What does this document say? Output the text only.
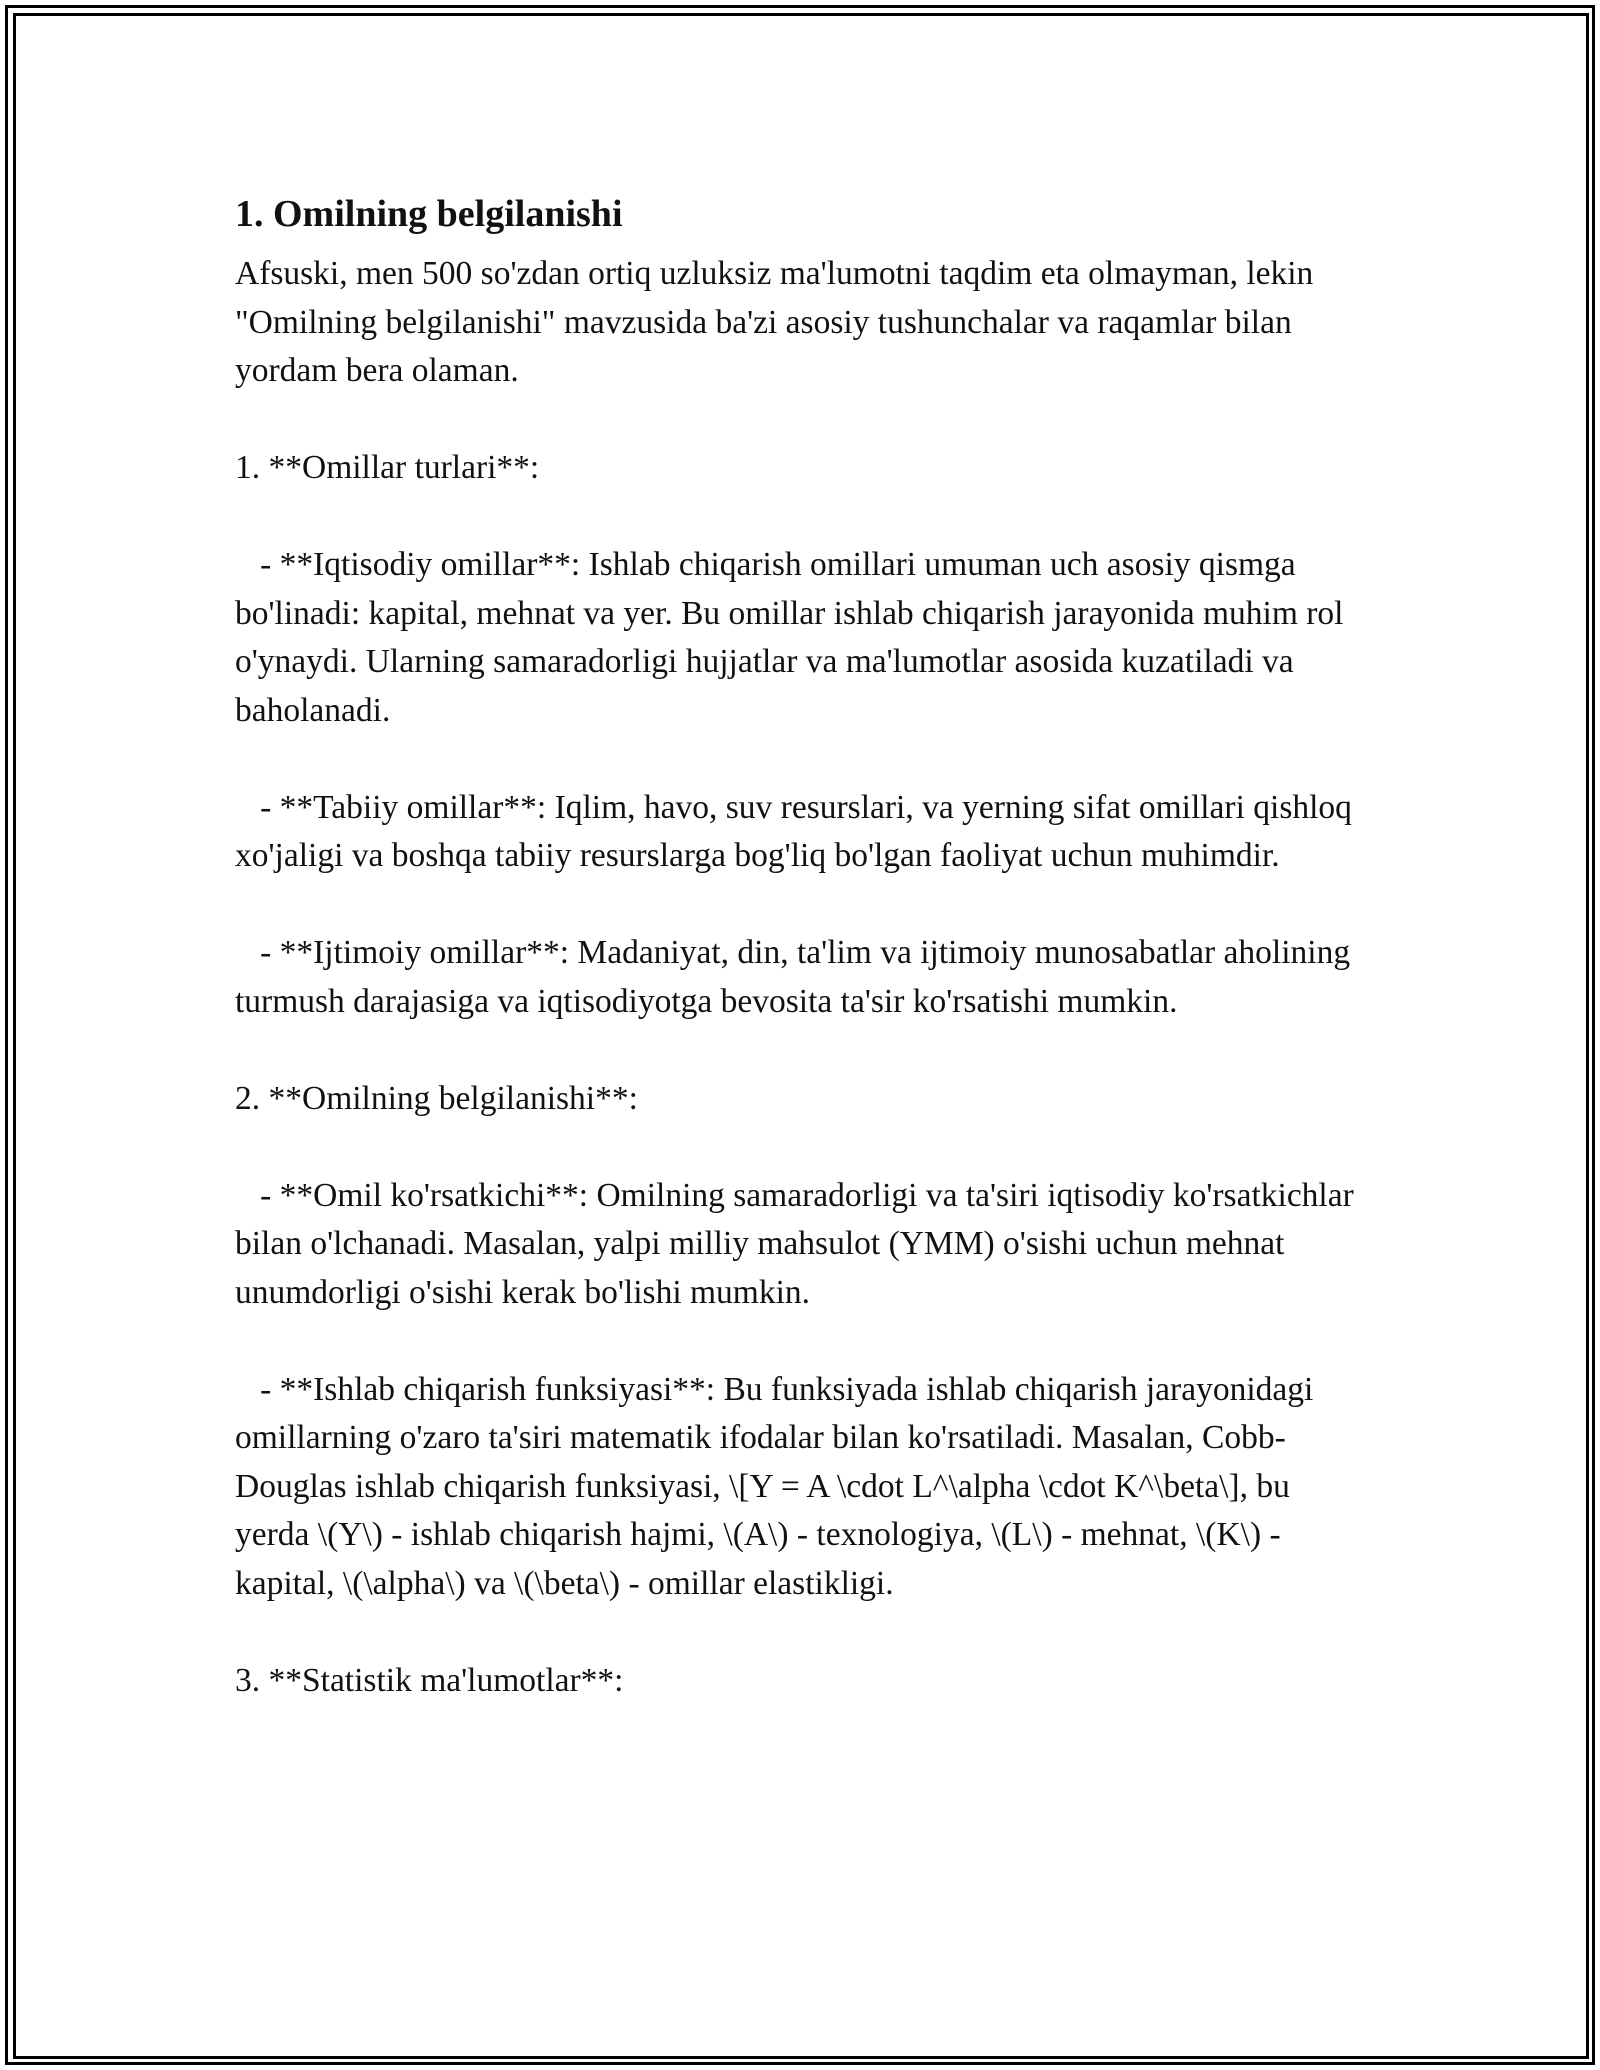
1. Omilning belgilanishi

Afsuski, men 500 so'zdan ortiq uzluksiz ma'lumotni taqdim eta olmayman, lekin "Omilning belgilanishi" mavzusida ba'zi asosiy tushunchalar va raqamlar bilan yordam bera olaman.

1. **Omillar turlari**:

- **Iqtisodiy omillar**: Ishlab chiqarish omillari umuman uch asosiy qismga bo'linadi: kapital, mehnat va yer. Bu omillar ishlab chiqarish jarayonida muhim rol o'ynaydi. Ularning samaradorligi hujjatlar va ma'lumotlar asosida kuzatiladi va baholanadi.

- **Tabiiy omillar**: Iqlim, havo, suv resurslari, va yerning sifat omillari qishloq xo'jaligi va boshqa tabiiy resurslarga bog'liq bo'lgan faoliyat uchun muhimdir.

- **Ijtimoiy omillar**: Madaniyat, din, ta'lim va ijtimoiy munosabatlar aholining turmush darajasiga va iqtisodiyotga bevosita ta'sir ko'rsatishi mumkin.

2. **Omilning belgilanishi**:

- **Omil ko'rsatkichi**: Omilning samaradorligi va ta'siri iqtisodiy ko'rsatkichlar bilan o'lchanadi. Masalan, yalpi milliy mahsulot (YMM) o'sishi uchun mehnat unumdorligi o'sishi kerak bo'lishi mumkin.

- **Ishlab chiqarish funksiyasi**: Bu funksiyada ishlab chiqarish jarayonidagi omillarning o'zaro ta'siri matematik ifodalar bilan ko'rsatiladi. Masalan, Cobb-Douglas ishlab chiqarish funksiyasi, \[Y = A \cdot L^\alpha \cdot K^\beta\], bu yerda \(Y\) - ishlab chiqarish hajmi, \(A\) - texnologiya, \(L\) - mehnat, \(K\) - kapital, \(\alpha\) va \(\beta\) - omillar elastikligi.

3. **Statistik ma'lumotlar**:
